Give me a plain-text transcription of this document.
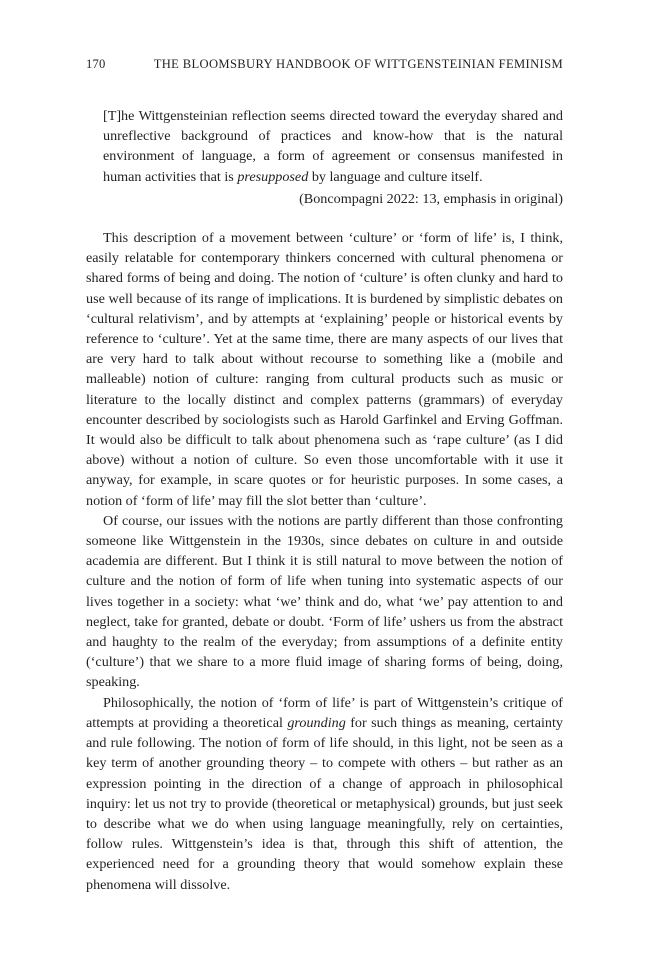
170	THE BLOOMSBURY HANDBOOK OF WITTGENSTEINIAN FEMINISM

[T]he Wittgensteinian reflection seems directed toward the everyday shared and unreflective background of practices and know-how that is the natural environment of language, a form of agreement or consensus manifested in human activities that is presupposed by language and culture itself.

(Boncompagni 2022: 13, emphasis in original)

This description of a movement between ‘culture’ or ‘form of life’ is, I think, easily relatable for contemporary thinkers concerned with cultural phenomena or shared forms of being and doing. The notion of ‘culture’ is often clunky and hard to use well because of its range of implications. It is burdened by simplistic debates on ‘cultural relativism’, and by attempts at ‘explaining’ people or historical events by reference to ‘culture’. Yet at the same time, there are many aspects of our lives that are very hard to talk about without recourse to something like a (mobile and malleable) notion of culture: ranging from cultural products such as music or literature to the locally distinct and complex patterns (grammars) of everyday encounter described by sociologists such as Harold Garfinkel and Erving Goffman. It would also be difficult to talk about phenomena such as ‘rape culture’ (as I did above) without a notion of culture. So even those uncomfortable with it use it anyway, for example, in scare quotes or for heuristic purposes. In some cases, a notion of ‘form of life’ may fill the slot better than ‘culture’.

Of course, our issues with the notions are partly different than those confronting someone like Wittgenstein in the 1930s, since debates on culture in and outside academia are different. But I think it is still natural to move between the notion of culture and the notion of form of life when tuning into systematic aspects of our lives together in a society: what ‘we’ think and do, what ‘we’ pay attention to and neglect, take for granted, debate or doubt. ‘Form of life’ ushers us from the abstract and haughty to the realm of the everyday; from assumptions of a definite entity (‘culture’) that we share to a more fluid image of sharing forms of being, doing, speaking.

Philosophically, the notion of ‘form of life’ is part of Wittgenstein’s critique of attempts at providing a theoretical grounding for such things as meaning, certainty and rule following. The notion of form of life should, in this light, not be seen as a key term of another grounding theory – to compete with others – but rather as an expression pointing in the direction of a change of approach in philosophical inquiry: let us not try to provide (theoretical or metaphysical) grounds, but just seek to describe what we do when using language meaningfully, rely on certainties, follow rules. Wittgenstein’s idea is that, through this shift of attention, the experienced need for a grounding theory that would somehow explain these phenomena will dissolve.
